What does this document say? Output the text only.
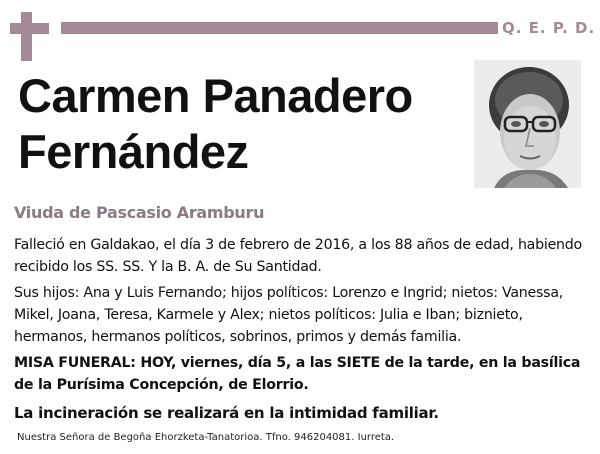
Q. E. P. D.
Carmen Panadero
Fernández
Viuda de Pascasio Aramburu
Falleció en Galdakao, el día 3 de febrero de 2016, a los 88 años de edad, habiendo recibido los SS. SS. Y la B. A. de Su Santidad.
Sus hijos: Ana y Luis Fernando; hijos políticos: Lorenzo e Ingrid; nietos: Vanessa, Mikel, Joana, Teresa, Karmele y Alex; nietos políticos: Julia e Iban; biznieto, hermanos, hermanos políticos, sobrinos, primos y demás familia.
MISA FUNERAL: HOY, viernes, día 5, a las SIETE de la tarde, en la basílica de la Purísima Concepción, de Elorrio.
La incineración se realizará en la intimidad familiar.
Nuestra Señora de Begoña Ehorzketa-Tanatorioa. Tfno. 946204081. Iurreta.
